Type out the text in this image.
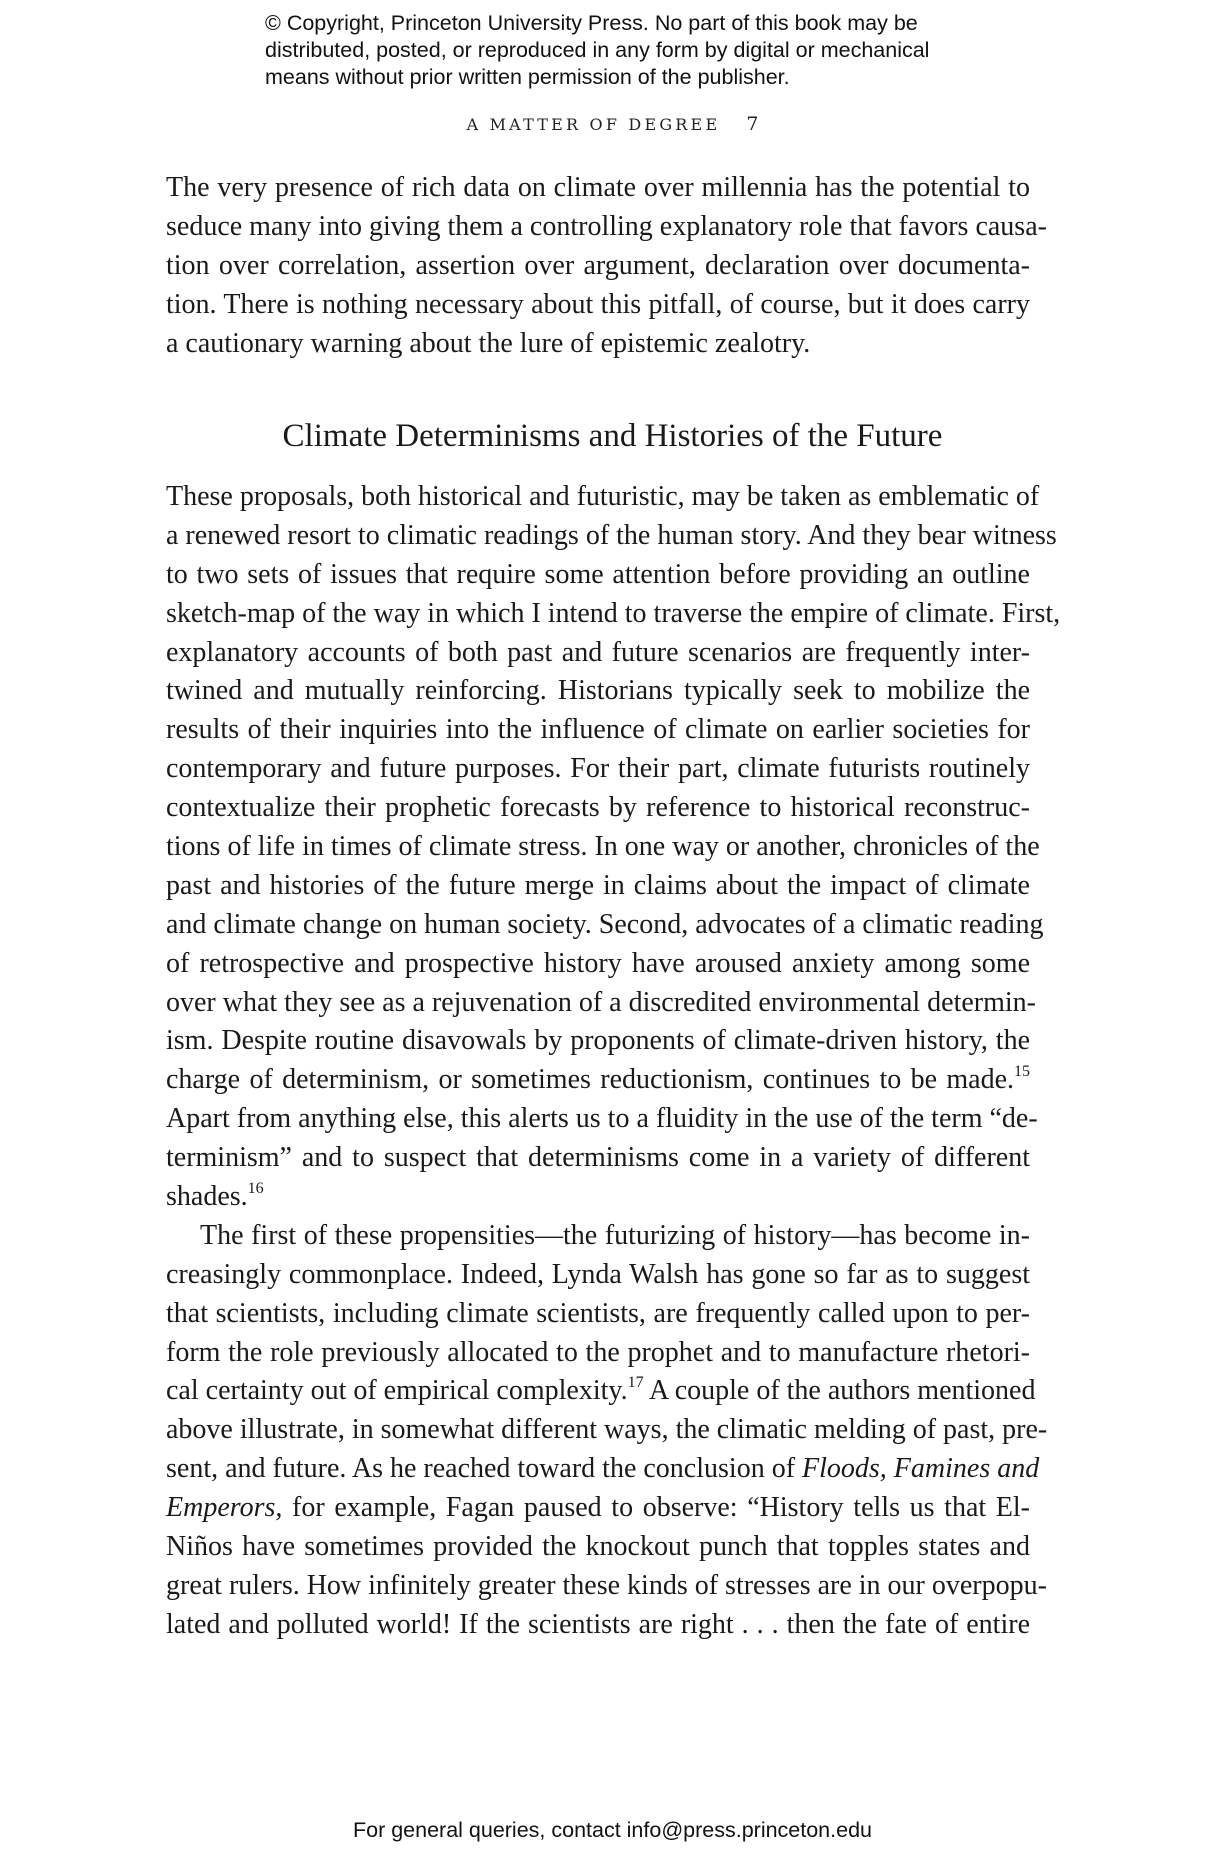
© Copyright, Princeton University Press. No part of this book may be
distributed, posted, or reproduced in any form by digital or mechanical
means without prior written permission of the publisher.
A MATTER OF DEGREE 7

The very presence of rich data on climate over millennia has the potential to
seduce many into giving them a controlling explanatory role that favors causa-
tion over correlation, assertion over argument, declaration over documenta-
tion. There is nothing necessary about this pitfall, of course, but it does carry
a cautionary warning about the lure of epistemic zealotry.

Climate Determinisms and Histories of the Future

These proposals, both historical and futuristic, may be taken as emblematic of
a renewed resort to climatic readings of the human story. And they bear witness
to two sets of issues that require some attention before providing an outline
sketch-map of the way in which I intend to traverse the empire of climate. First,
explanatory accounts of both past and future scenarios are frequently inter-
twined and mutually reinforcing. Historians typically seek to mobilize the
results of their inquiries into the influence of climate on earlier societies for
contemporary and future purposes. For their part, climate futurists routinely
contextualize their prophetic forecasts by reference to historical reconstruc-
tions of life in times of climate stress. In one way or another, chronicles of the
past and histories of the future merge in claims about the impact of climate
and climate change on human society. Second, advocates of a climatic reading
of retrospective and prospective history have aroused anxiety among some
over what they see as a rejuvenation of a discredited environmental determin-
ism. Despite routine disavowals by proponents of climate-driven history, the
charge of determinism, or sometimes reductionism, continues to be made.$^{15}$
Apart from anything else, this alerts us to a fluidity in the use of the term “de-
terminism” and to suspect that determinisms come in a variety of different
shades.$^{16}$

The first of these propensities—the futurizing of history—has become in-
creasingly commonplace. Indeed, Lynda Walsh has gone so far as to suggest
that scientists, including climate scientists, are frequently called upon to per-
form the role previously allocated to the prophet and to manufacture rhetori-
cal certainty out of empirical complexity.$^{17}$ A couple of the authors mentioned
above illustrate, in somewhat different ways, the climatic melding of past, pre-
sent, and future. As he reached toward the conclusion of Floods, Famines and
Emperors, for example, Fagan paused to observe: “History tells us that El-
Niños have sometimes provided the knockout punch that topples states and
great rulers. How infinitely greater these kinds of stresses are in our overpopu-
lated and polluted world! If the scientists are right . . . then the fate of entire

For general queries, contact info@press.princeton.edu
